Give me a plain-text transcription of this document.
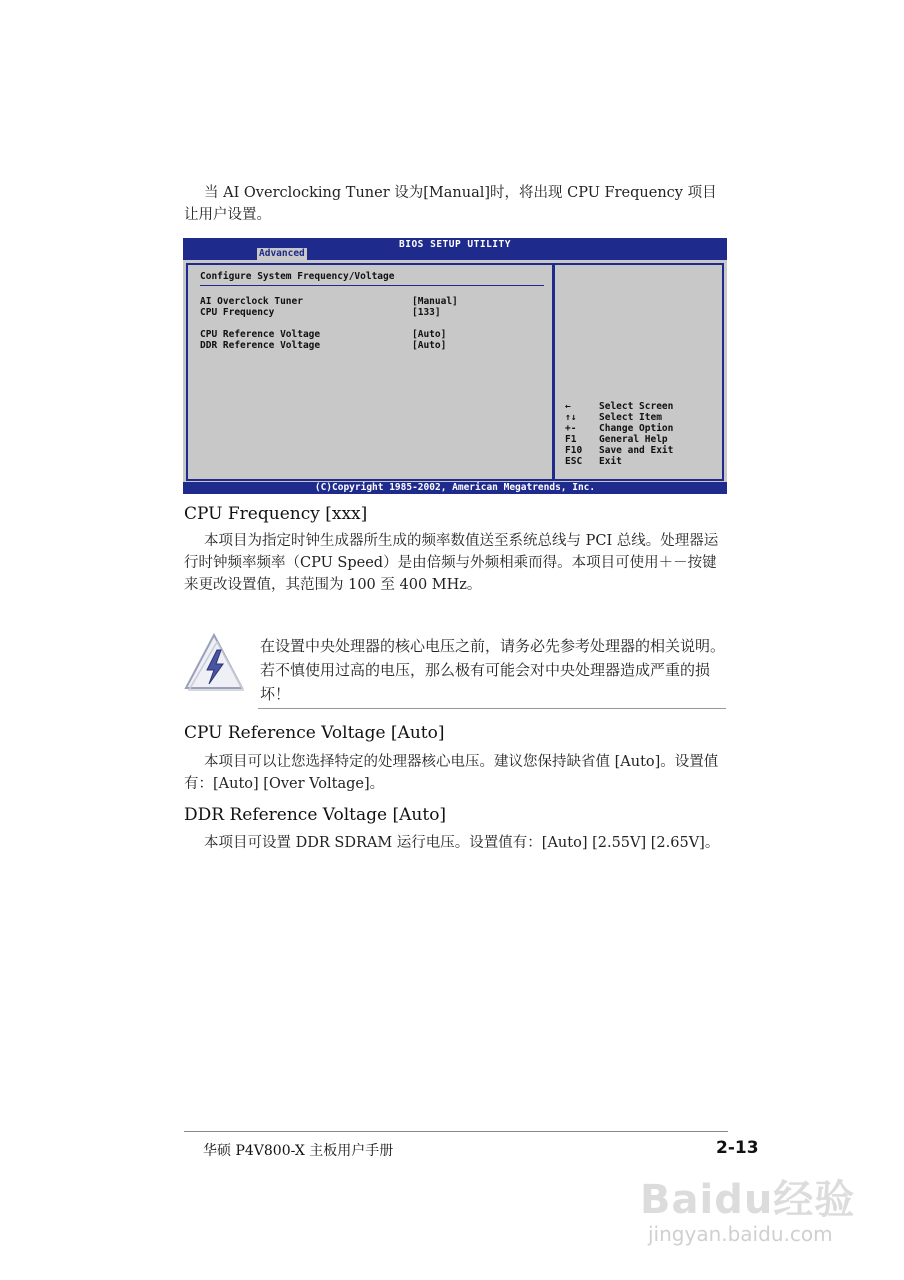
当 AI Overclocking Tuner 设为[Manual]时，将出现 CPU Frequency 项目让用户设置。
BIOS SETUP UTILITY
Advanced
Configure System Frequency/Voltage
AI Overclock Tuner	[Manual]
CPU Frequency	[133]
CPU Reference Voltage	[Auto]
DDR Reference Voltage	[Auto]
←	Select Screen
↑↓	Select Item
+-	Change Option
F1	General Help
F10	Save and Exit
ESC	Exit
(C)Copyright 1985-2002, American Megatrends, Inc.
CPU Frequency [xxx]
本项目为指定时钟生成器所生成的频率数值送至系统总线与 PCI 总线。处理器运行时钟频率频率（CPU Speed）是由倍频与外频相乘而得。本项目可使用＋－按键来更改设置值，其范围为 100 至 400 MHz。
在设置中央处理器的核心电压之前，请务必先参考处理器的相关说明。若不慎使用过高的电压，那么极有可能会对中央处理器造成严重的损坏！
CPU Reference Voltage [Auto]
本项目可以让您选择特定的处理器核心电压。建议您保持缺省值 [Auto]。设置值有：[Auto] [Over Voltage]。
DDR Reference Voltage [Auto]
本项目可设置 DDR SDRAM 运行电压。设置值有：[Auto] [2.55V] [2.65V]。
华硕 P4V800-X 主板用户手册	2-13
Baidu经验
jingyan.baidu.com
